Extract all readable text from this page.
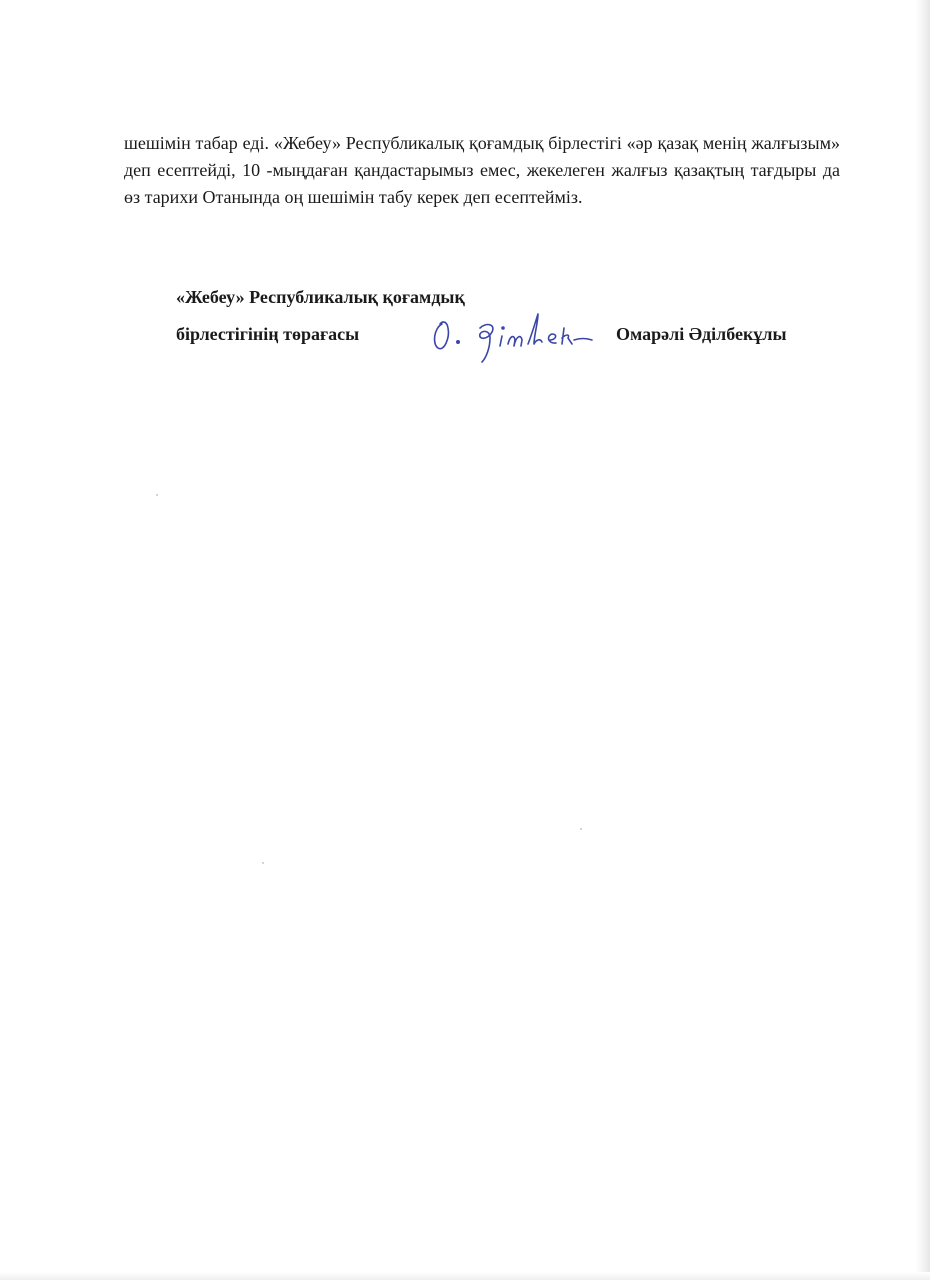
шешімін табар еді. «Жебеу» Республикалық қоғамдық бірлестігі «әр қазақ менің жалғызым» деп есептейді, 10 -мыңдаған қандастарымыз емес, жекелеген жалғыз қазақтың тағдыры да өз тарихи Отанында оң шешімін табу керек деп есептейміз.

«Жебеу» Республикалық қоғамдық
бірлестігінің төрағасы	Омарәлі Әділбекұлы
